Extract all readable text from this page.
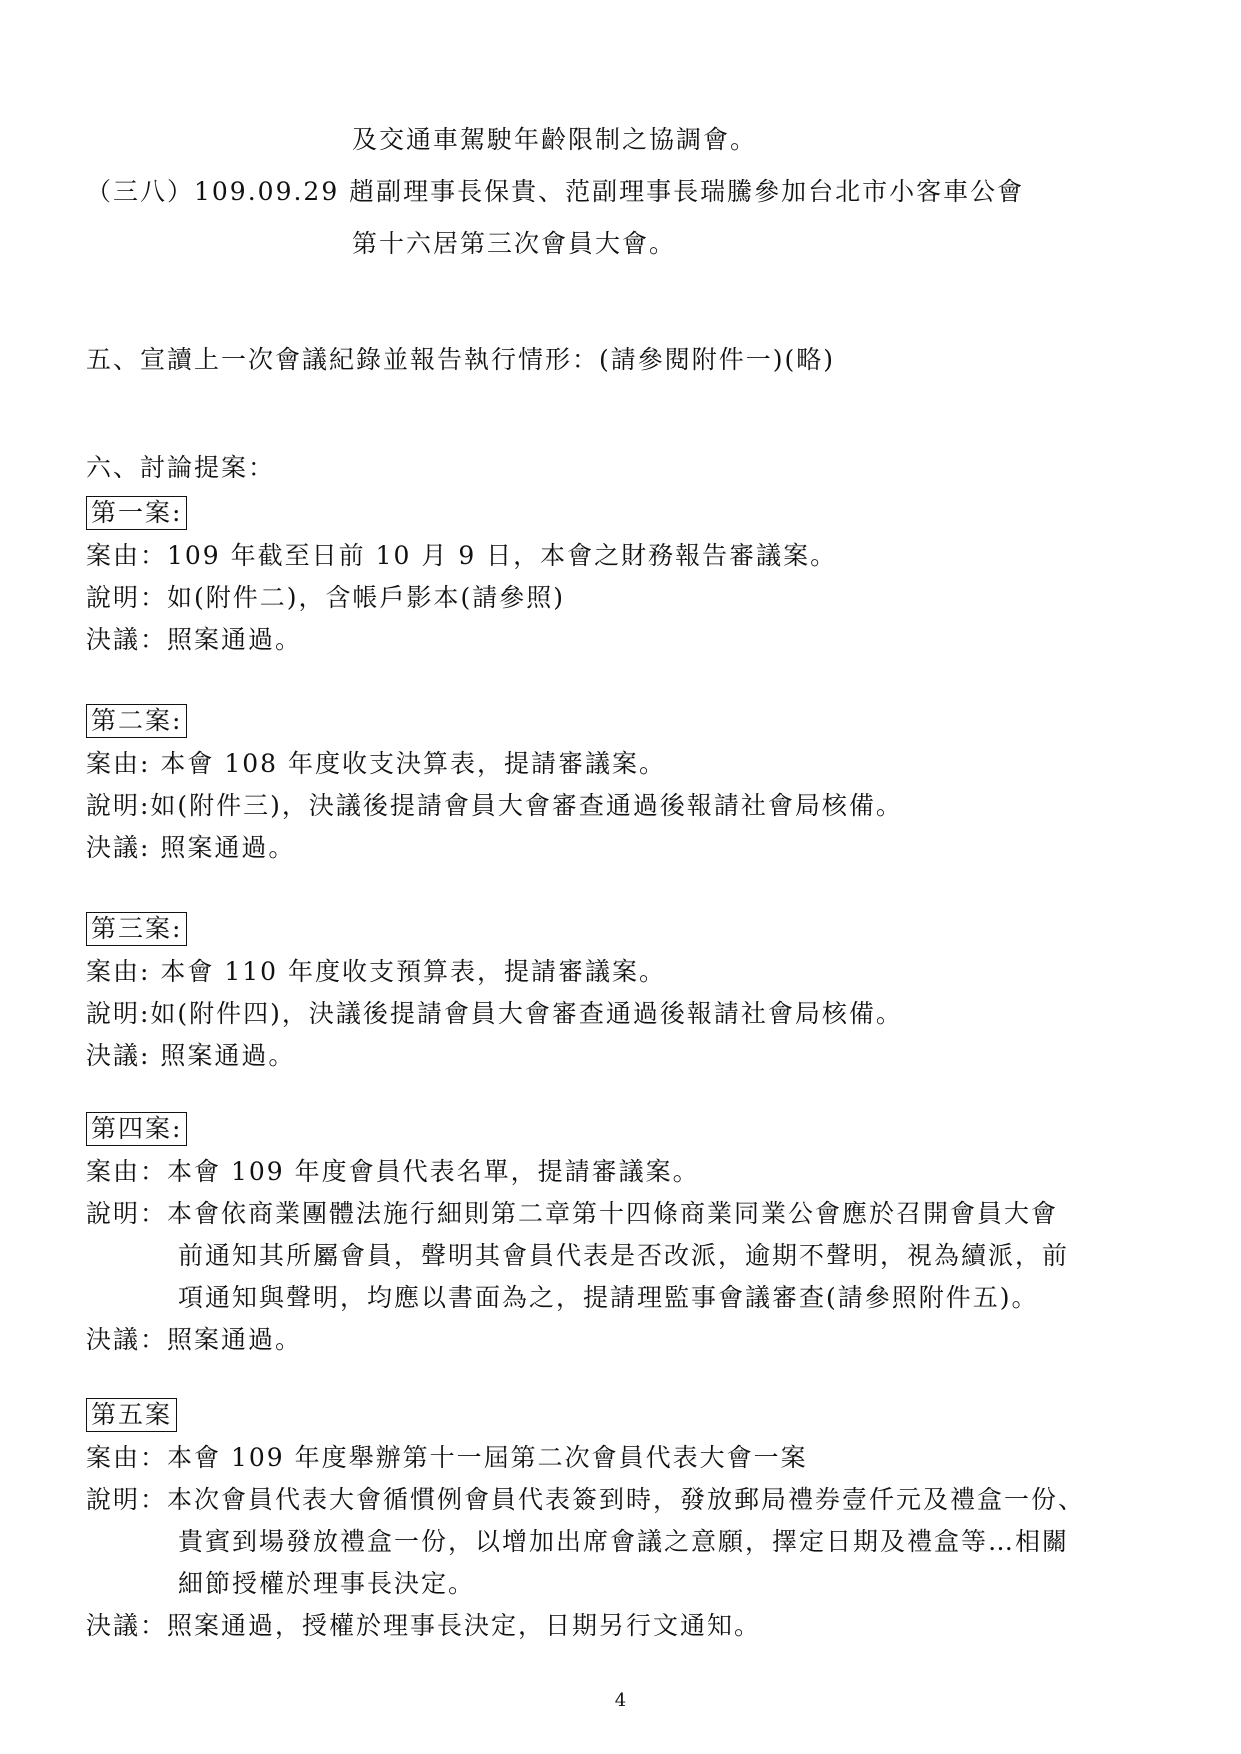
及交通車駕駛年齡限制之協調會。
（三八）109.09.29 趙副理事長保貴、范副理事長瑞騰參加台北市小客車公會
第十六居第三次會員大會。
五、宣讀上一次會議紀錄並報告執行情形：(請參閱附件一)(略)
六、討論提案：
第一案:
案由：109 年截至日前 10 月 9 日，本會之財務報告審議案。
說明：如(附件二)，含帳戶影本(請參照)
決議：照案通過。
第二案:
案由: 本會 108 年度收支決算表，提請審議案。
說明:如(附件三)，決議後提請會員大會審查通過後報請社會局核備。
決議: 照案通過。
第三案:
案由: 本會 110 年度收支預算表，提請審議案。
說明:如(附件四)，決議後提請會員大會審查通過後報請社會局核備。
決議: 照案通過。
第四案:
案由：本會 109 年度會員代表名單，提請審議案。
說明：本會依商業團體法施行細則第二章第十四條商業同業公會應於召開會員大會
前通知其所屬會員，聲明其會員代表是否改派，逾期不聲明，視為續派，前
項通知與聲明，均應以書面為之，提請理監事會議審查(請參照附件五)。
決議：照案通過。
第五案
案由：本會 109 年度舉辦第十一屆第二次會員代表大會一案
說明：本次會員代表大會循慣例會員代表簽到時，發放郵局禮券壹仟元及禮盒一份、
貴賓到場發放禮盒一份，以增加出席會議之意願，擇定日期及禮盒等…相關
細節授權於理事長決定。
決議：照案通過，授權於理事長決定，日期另行文通知。
4
